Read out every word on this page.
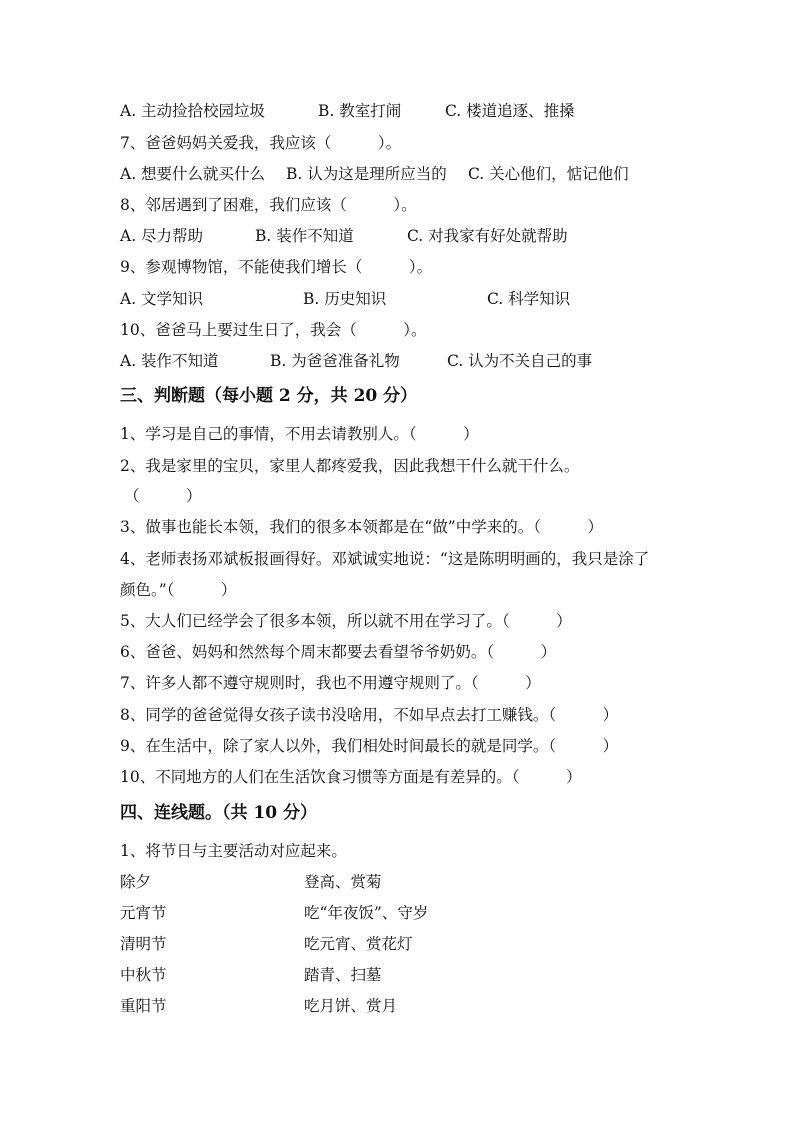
A. 主动捡拾校园垃圾	B. 教室打闹	C. 楼道追逐、推搡
7、爸爸妈妈关爱我，我应该（　　　）。
A. 想要什么就买什么 B. 认为这是理所应当的 C. 关心他们，惦记他们
8、邻居遇到了困难，我们应该（　　　）。
A. 尽力帮助	B. 装作不知道	C. 对我家有好处就帮助
9、参观博物馆，不能使我们增长（　　　）。
A. 文学知识	B. 历史知识	C. 科学知识
10、爸爸马上要过生日了，我会（　　　）。
A. 装作不知道	B. 为爸爸准备礼物	C. 认为不关自己的事
三、判断题（每小题 2 分，共 20 分）
1、学习是自己的事情，不用去请教别人。（　　　）
2、我是家里的宝贝，家里人都疼爱我，因此我想干什么就干什么。
（　　　）
3、做事也能长本领，我们的很多本领都是在“做”中学来的。（　　　）
4、老师表扬邓斌板报画得好。邓斌诚实地说：“这是陈明明画的，我只是涂了
颜色。”（　　　）
5、大人们已经学会了很多本领，所以就不用在学习了。（　　　）
6、爸爸、妈妈和然然每个周末都要去看望爷爷奶奶。（　　　）
7、许多人都不遵守规则时，我也不用遵守规则了。（　　　）
8、同学的爸爸觉得女孩子读书没啥用，不如早点去打工赚钱。（　　　）
9、在生活中，除了家人以外，我们相处时间最长的就是同学。（　　　）
10、不同地方的人们在生活饮食习惯等方面是有差异的。（　　　）
四、连线题。（共 10 分）
1、将节日与主要活动对应起来。
除夕	登高、赏菊
元宵节	吃“年夜饭”、守岁
清明节	吃元宵、赏花灯
中秋节	踏青、扫墓
重阳节	吃月饼、赏月
